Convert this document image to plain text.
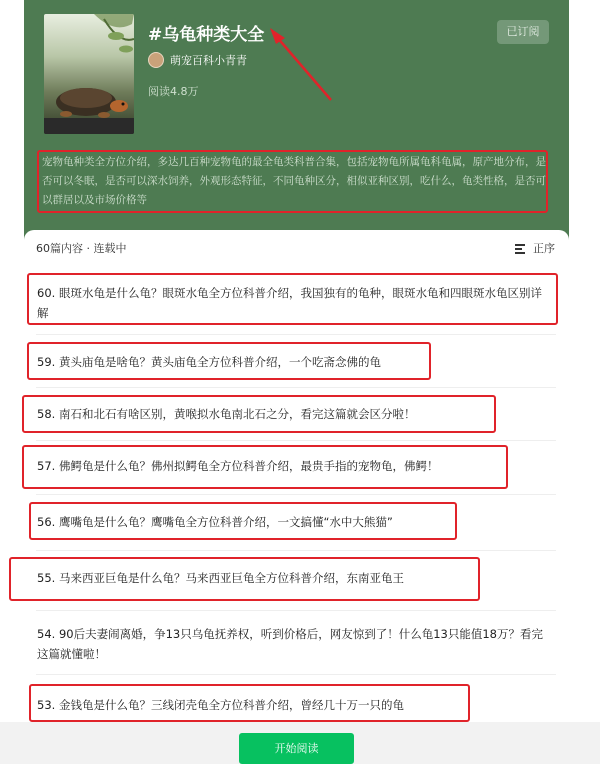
#乌龟种类大全	已订阅
萌宠百科小青青
阅读4.8万
宠物龟种类全方位介绍，多达几百种宠物龟的最全龟类科普合集，包括宠物龟所属龟科龟属，原产地分布，是否可以冬眠，是否可以深水饲养，外观形态特征，不同龟种区分，相似亚种区别，吃什么，龟类性格，是否可以群居以及市场价格等
60篇内容 · 连载中	正序
60. 眼斑水龟是什么龟？眼斑水龟全方位科普介绍，我国独有的龟种，眼斑水龟和四眼斑水龟区别详解
59. 黄头庙龟是啥龟？黄头庙龟全方位科普介绍，一个吃斋念佛的龟
58. 南石和北石有啥区别，黄喉拟水龟南北石之分，看完这篇就会区分啦！
57. 佛鳄龟是什么龟？佛州拟鳄龟全方位科普介绍，最贵手指的宠物龟，佛鳄！
56. 鹰嘴龟是什么龟？鹰嘴龟全方位科普介绍，一文搞懂“水中大熊猫”
55. 马来西亚巨龟是什么龟？马来西亚巨龟全方位科普介绍，东南亚龟王
54. 90后夫妻闹离婚，争13只乌龟抚养权，听到价格后，网友惊到了！什么龟13只能值18万？看完这篇就懂啦！
53. 金钱龟是什么龟？三线闭壳龟全方位科普介绍，曾经几十万一只的龟
开始阅读
